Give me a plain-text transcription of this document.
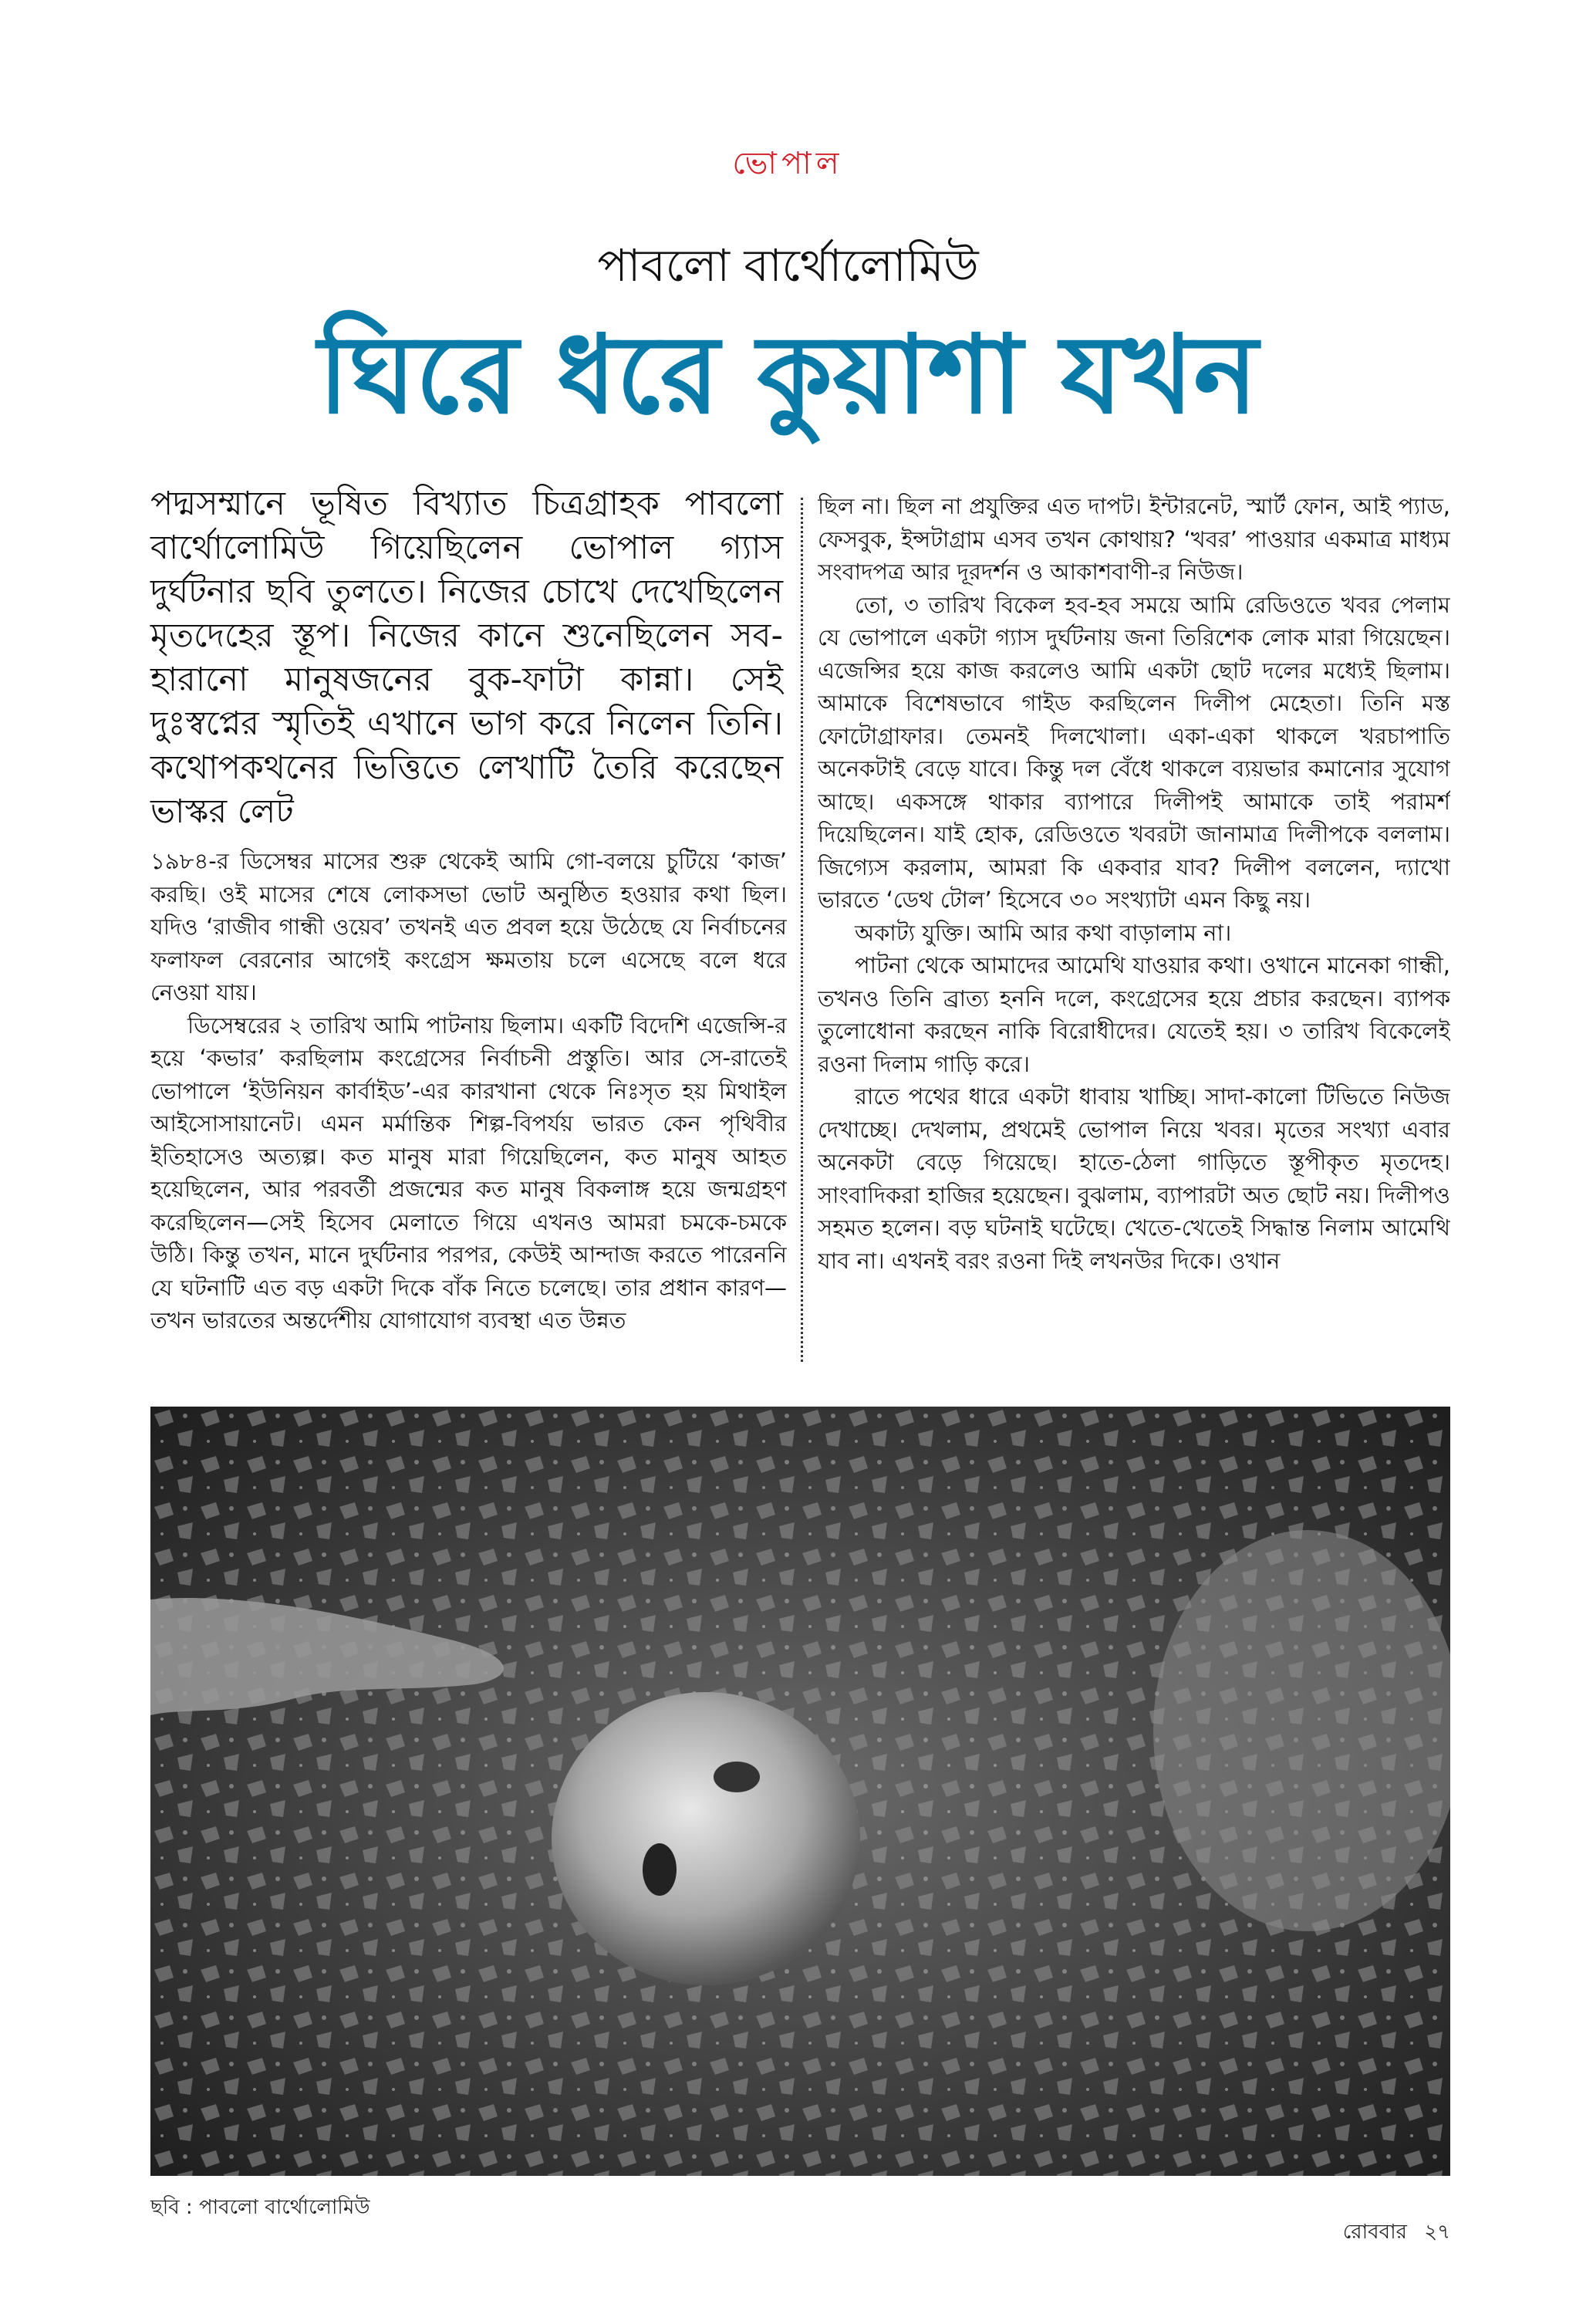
ভোপাল
পাবলো বার্থোলোমিউ
ঘিরে ধরে কুয়াশা যখন
পদ্মসম্মানে ভূষিত বিখ্যাত চিত্রগ্রাহক পাবলো বার্থোলোমিউ গিয়েছিলেন ভোপাল গ্যাস দুর্ঘটনার ছবি তুলতে। নিজের চোখে দেখেছিলেন মৃতদেহের স্তূপ। নিজের কানে শুনেছিলেন সব-হারানো মানুষজনের বুক-ফাটা কান্না। সেই দুঃস্বপ্নের স্মৃতিই এখানে ভাগ করে নিলেন তিনি। কথোপকথনের ভিত্তিতে লেখাটি তৈরি করেছেন ভাস্কর লেট

১৯৮৪-র ডিসেম্বর মাসের শুরু থেকেই আমি গো-বলয়ে চুটিয়ে ‘কাজ’ করছি। ওই মাসের শেষে লোকসভা ভোট অনুষ্ঠিত হওয়ার কথা ছিল। যদিও ‘রাজীব গান্ধী ওয়েব’ তখনই এত প্রবল হয়ে উঠেছে যে নির্বাচনের ফলাফল বেরনোর আগেই কংগ্রেস ক্ষমতায় চলে এসেছে বলে ধরে নেওয়া যায়।

ডিসেম্বরের ২ তারিখ আমি পাটনায় ছিলাম। একটি বিদেশি এজেন্সি-র হয়ে ‘কভার’ করছিলাম কংগ্রেসের নির্বাচনী প্রস্তুতি। আর সে-রাতেই ভোপালে ‘ইউনিয়ন কার্বাইড’-এর কারখানা থেকে নিঃসৃত হয় মিথাইল আইসোসায়ানেট। এমন মর্মান্তিক শিল্প-বিপর্যয় ভারত কেন পৃথিবীর ইতিহাসেও অত্যল্প। কত মানুষ মারা গিয়েছিলেন, কত মানুষ আহত হয়েছিলেন, আর পরবর্তী প্রজন্মের কত মানুষ বিকলাঙ্গ হয়ে জন্মগ্রহণ করেছিলেন—সেই হিসেব মেলাতে গিয়ে এখনও আমরা চমকে-চমকে উঠি। কিন্তু তখন, মানে দুর্ঘটনার পরপর, কেউই আন্দাজ করতে পারেননি যে ঘটনাটি এত বড় একটা দিকে বাঁক নিতে চলেছে। তার প্রধান কারণ—তখন ভারতের অন্তর্দেশীয় যোগাযোগ ব্যবস্থা এত উন্নত

ছিল না। ছিল না প্রযুক্তির এত দাপট। ইন্টারনেট, স্মার্ট ফোন, আই প্যাড, ফেসবুক, ইন্সটাগ্রাম এসব তখন কোথায়? ‘খবর’ পাওয়ার একমাত্র মাধ্যম সংবাদপত্র আর দূরদর্শন ও আকাশবাণী-র নিউজ।

তো, ৩ তারিখ বিকেল হব-হব সময়ে আমি রেডিওতে খবর পেলাম যে ভোপালে একটা গ্যাস দুর্ঘটনায় জনা তিরিশেক লোক মারা গিয়েছেন। এজেন্সির হয়ে কাজ করলেও আমি একটা ছোট দলের মধ্যেই ছিলাম। আমাকে বিশেষভাবে গাইড করছিলেন দিলীপ মেহেতা। তিনি মস্ত ফোটোগ্রাফার। তেমনই দিলখোলা। একা-একা থাকলে খরচাপাতি অনেকটাই বেড়ে যাবে। কিন্তু দল বেঁধে থাকলে ব্যয়ভার কমানোর সুযোগ আছে। একসঙ্গে থাকার ব্যাপারে দিলীপই আমাকে তাই পরামর্শ দিয়েছিলেন। যাই হোক, রেডিওতে খবরটা জানামাত্র দিলীপকে বললাম। জিগ্যেস করলাম, আমরা কি একবার যাব? দিলীপ বললেন, দ্যাখো ভারতে ‘ডেথ টোল’ হিসেবে ৩০ সংখ্যাটা এমন কিছু নয়।

অকাট্য যুক্তি। আমি আর কথা বাড়ালাম না।

পাটনা থেকে আমাদের আমেথি যাওয়ার কথা। ওখানে মানেকা গান্ধী, তখনও তিনি ব্রাত্য হননি দলে, কংগ্রেসের হয়ে প্রচার করছেন। ব্যাপক তুলোধোনা করছেন নাকি বিরোধীদের। যেতেই হয়। ৩ তারিখ বিকেলেই রওনা দিলাম গাড়ি করে।

রাতে পথের ধারে একটা ধাবায় খাচ্ছি। সাদা-কালো টিভিতে নিউজ দেখাচ্ছে। দেখলাম, প্রথমেই ভোপাল নিয়ে খবর। মৃতের সংখ্যা এবার অনেকটা বেড়ে গিয়েছে। হাতে-ঠেলা গাড়িতে স্তূপীকৃত মৃতদেহ। সাংবাদিকরা হাজির হয়েছেন। বুঝলাম, ব্যাপারটা অত ছোট নয়। দিলীপও সহমত হলেন। বড় ঘটনাই ঘটেছে। খেতে-খেতেই সিদ্ধান্ত নিলাম আমেথি যাব না। এখনই বরং রওনা দিই লখনউর দিকে। ওখান

ছবি : পাবলো বার্থোলোমিউ
রোববার ২৭
